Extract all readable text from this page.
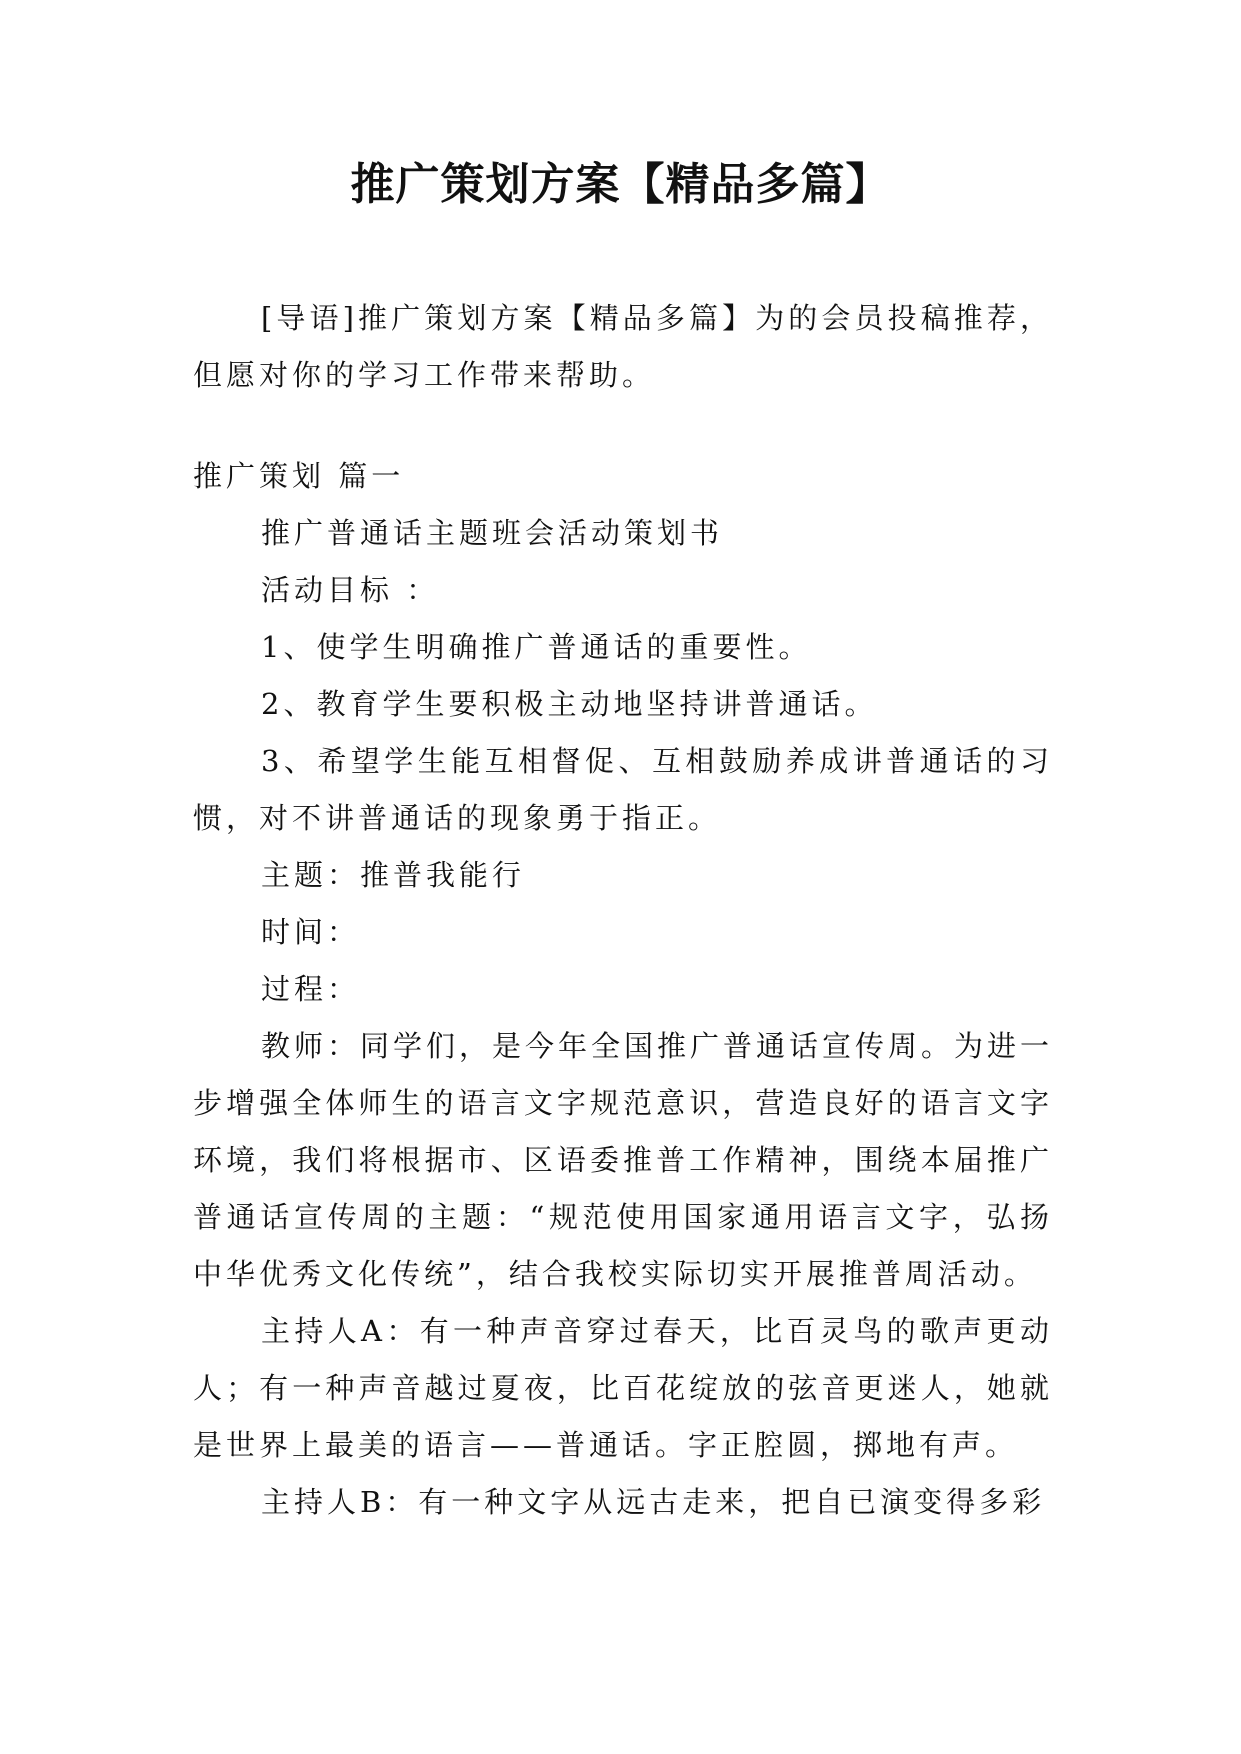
推广策划方案【精品多篇】

[导语]推广策划方案【精品多篇】为的会员投稿推荐，但愿对你的学习工作带来帮助。

推广策划 篇一

推广普通话主题班会活动策划书

活动目标 ：

1、使学生明确推广普通话的重要性。

2、教育学生要积极主动地坚持讲普通话。

3、希望学生能互相督促、互相鼓励养成讲普通话的习惯，对不讲普通话的现象勇于指正。

主题：推普我能行

时间：

过程：

教师：同学们，是今年全国推广普通话宣传周。为进一步增强全体师生的语言文字规范意识，营造良好的语言文字环境，我们将根据市、区语委推普工作精神，围绕本届推广普通话宣传周的主题：“规范使用国家通用语言文字，弘扬中华优秀文化传统”，结合我校实际切实开展推普周活动。

主持人A：有一种声音穿过春天，比百灵鸟的歌声更动人；有一种声音越过夏夜，比百花绽放的弦音更迷人，她就是世界上最美的语言——普通话。字正腔圆，掷地有声。

主持人B：有一种文字从远古走来，把自已演变得多彩
